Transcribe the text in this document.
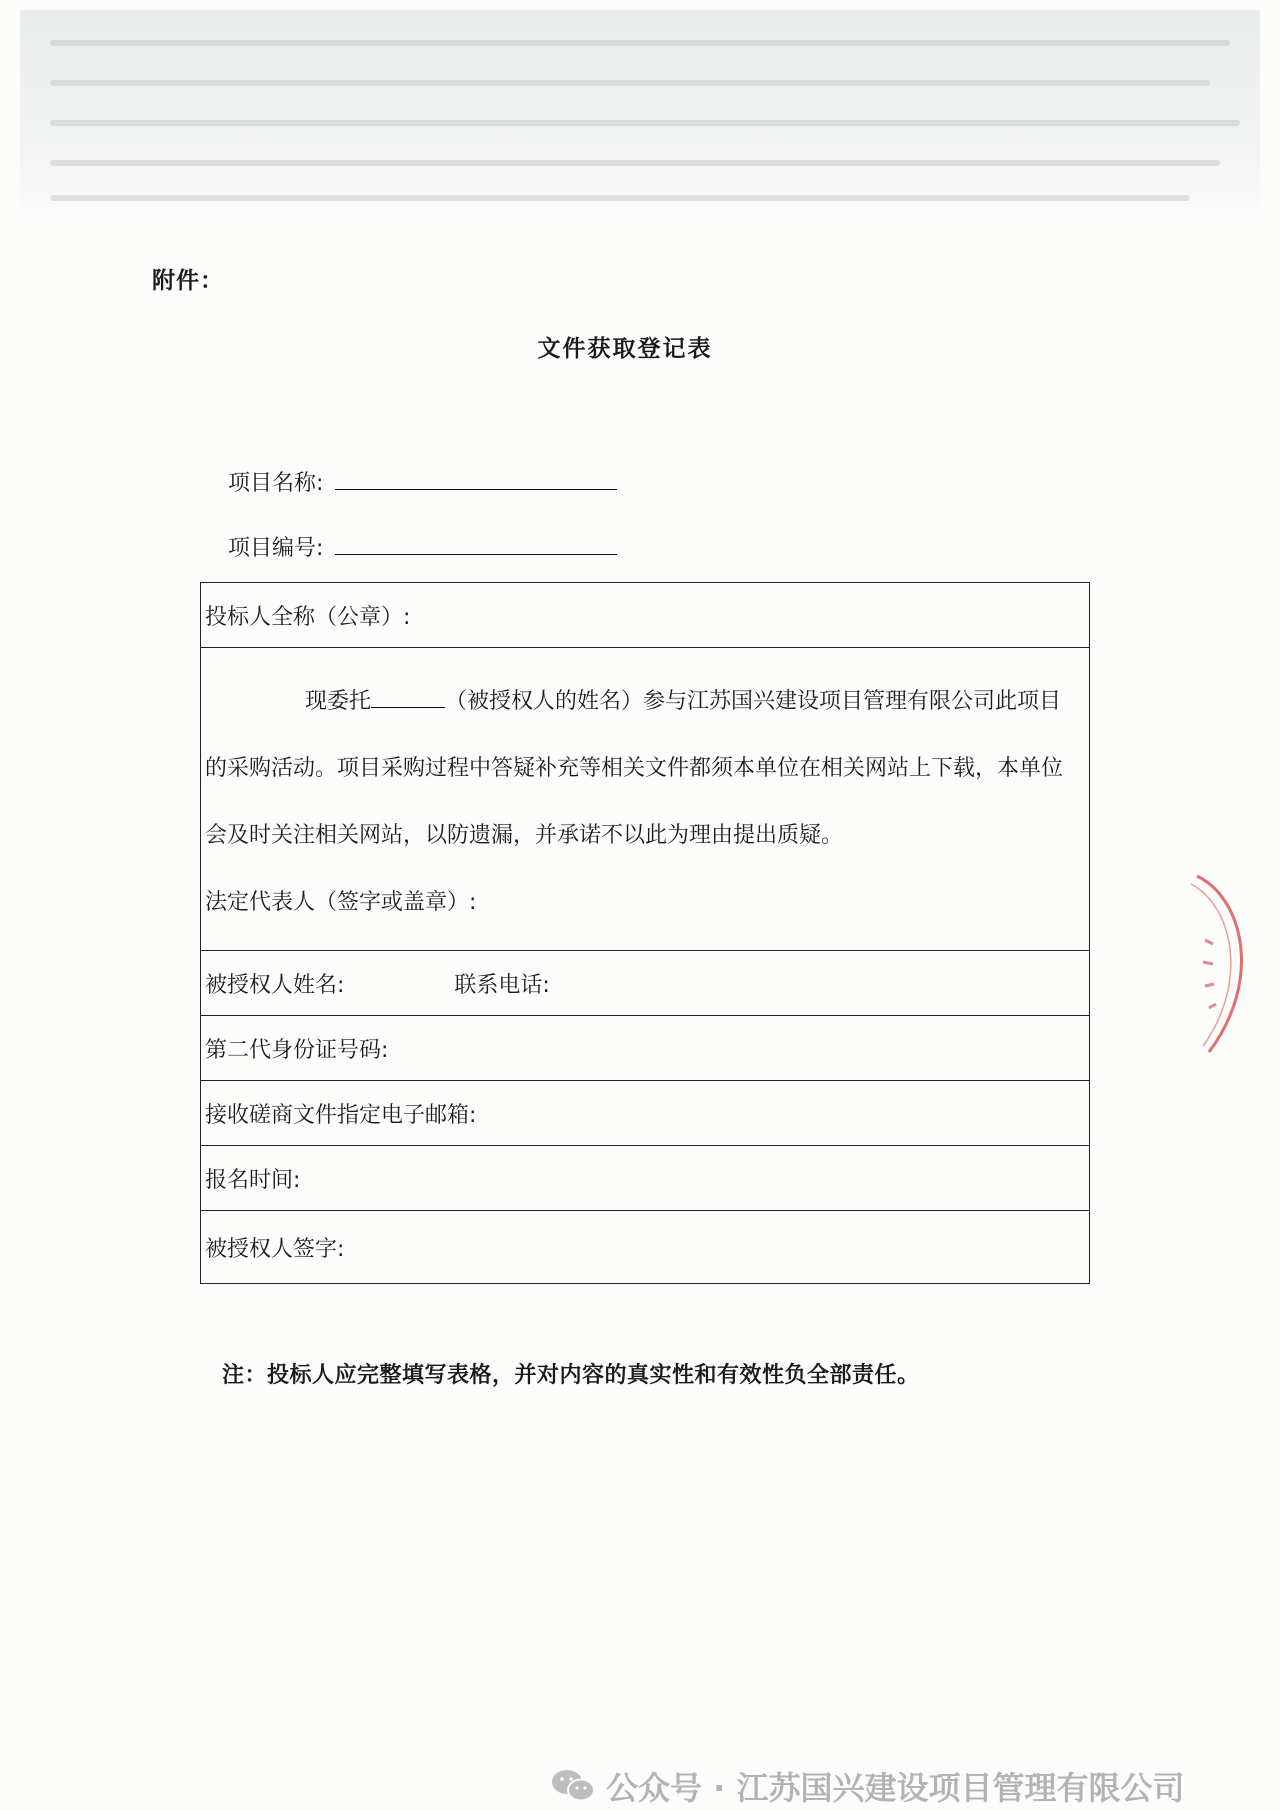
附件：
文件获取登记表
项目名称:
项目编号:
投标人全称（公章）:
现委托	（被授权人的姓名）参与江苏国兴建设项目管理有限公司此项目的采购活动。项目采购过程中答疑补充等相关文件都须本单位在相关网站上下载，本单位会及时关注相关网站，以防遗漏，并承诺不以此为理由提出质疑。
法定代表人（签字或盖章）:
被授权人姓名:	联系电话:
第二代身份证号码:
接收磋商文件指定电子邮箱:
报名时间:
被授权人签字:
注：投标人应完整填写表格，并对内容的真实性和有效性负全部责任。
公众号 · 江苏国兴建设项目管理有限公司
